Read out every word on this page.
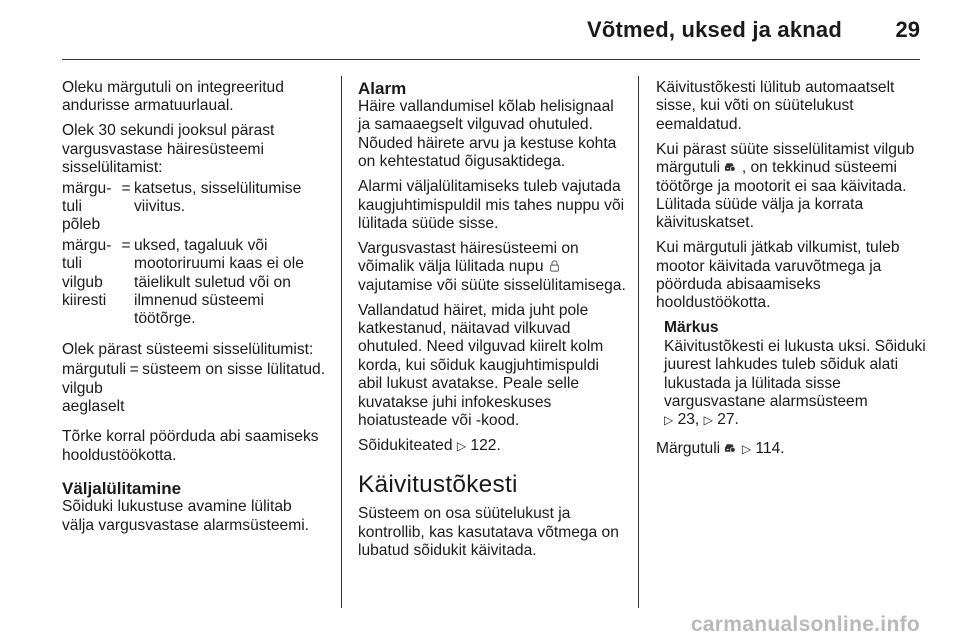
Võtmed, uksed ja aknad 29

Oleku märgutuli on integreeritud andurisse armatuurlaual.

Olek 30 sekundi jooksul pärast vargusvastase häiresüsteemi sisselülitamist:

märgu-
tuli
põleb	=	katsetus, sisselülitumise viivitus.
märgu-
tuli
vilgub
kiiresti	=	uksed, tagaluuk või mootoriruumi kaas ei ole täielikult suletud või on ilmnenud süsteemi töötõrge.

Olek pärast süsteemi sisselülitumist:

märgutuli
vilgub
aeglaselt	=	süsteem on sisse lülitatud.

Tõrke korral pöörduda abi saamiseks hooldustöökotta.

Väljalülitamine

Sõiduki lukustuse avamine lülitab välja vargusvastase alarmsüsteemi.

Alarm

Häire vallandumisel kõlab helisignaal ja samaaegselt vilguvad ohutuled. Nõuded häirete arvu ja kestuse kohta on kehtestatud õigusaktidega.

Alarmi väljalülitamiseks tuleb vajutada kaugjuhtimispuldil mis tahes nuppu või lülitada süüde sisse.

Vargusvastast häiresüsteemi on võimalik välja lülitada nupu  vajutamise või süüte sisselülitamisega.

Vallandatud häiret, mida juht pole katkestanud, näitavad vilkuvad ohutuled. Need vilguvad kiirelt kolm korda, kui sõiduk kaugjuhtimispuldi abil lukust avatakse. Peale selle kuvatakse juhi infokeskuses hoiatusteade või -kood.

Sõidukiteated ▷ 122.

Käivitustõkesti

Süsteem on osa süütelukust ja kontrollib, kas kasutatava võtmega on lubatud sõidukit käivitada.

Käivitustõkesti lülitub automaatselt sisse, kui võti on süütelukust eemaldatud.

Kui pärast süüte sisselülitamist vilgub märgutuli , on tekkinud süsteemi töötõrge ja mootorit ei saa käivitada. Lülitada süüde välja ja korrata käivituskatset.

Kui märgutuli jätkab vilkumist, tuleb mootor käivitada varuvõtmega ja pöörduda abisaamiseks hooldustöökotta.

Märkus
Käivitustõkesti ei lukusta uksi. Sõiduki juurest lahkudes tuleb sõiduk alati lukustada ja lülitada sisse vargusvastane alarmsüsteem
▷ 23, ▷ 27.

Märgutuli ▷ 114.

carmanualsonline.info
